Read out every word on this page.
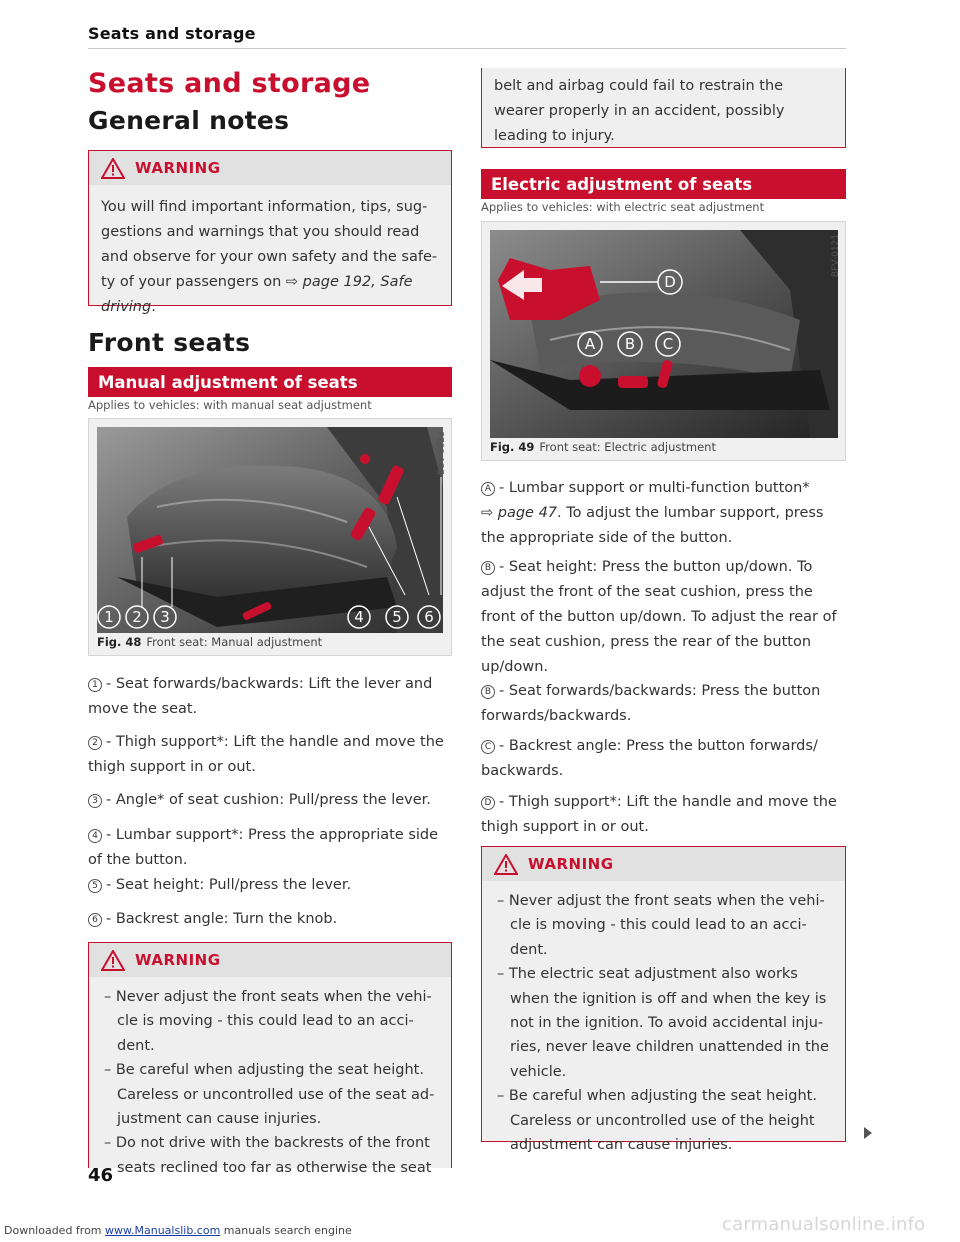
Seats and storage
Seats and storage
General notes
WARNING
You will find important information, tips, suggestions and warnings that you should read and observe for your own safety and the safety of your passengers on ⇨ page 192, Safe driving.
Front seats
Manual adjustment of seats
Applies to vehicles: with manual seat adjustment
1 2 3	4 5 6
B8V-0023
Fig. 48 Front seat: Manual adjustment
1 - Seat forwards/backwards: Lift the lever and move the seat.
2 - Thigh support*: Lift the handle and move the thigh support in or out.
3 - Angle* of seat cushion: Pull/press the lever.
4 - Lumbar support*: Press the appropriate side of the button.
5 - Seat height: Pull/press the lever.
6 - Backrest angle: Turn the knob.
WARNING
– Never adjust the front seats when the vehicle is moving - this could lead to an accident.
– Be careful when adjusting the seat height. Careless or uncontrolled use of the seat adjustment can cause injuries.
– Do not drive with the backrests of the front seats reclined too far as otherwise the seat
belt and airbag could fail to restrain the wearer properly in an accident, possibly leading to injury.
Electric adjustment of seats
Applies to vehicles: with electric seat adjustment
A B C
D
BFV-0121
Fig. 49 Front seat: Electric adjustment
A - Lumbar support or multi-function button*
⇨ page 47. To adjust the lumbar support, press the appropriate side of the button.
B - Seat height: Press the button up/down. To adjust the front of the seat cushion, press the front of the button up/down. To adjust the rear of the seat cushion, press the rear of the button up/down.
B - Seat forwards/backwards: Press the button forwards/backwards.
C - Backrest angle: Press the button forwards/ backwards.
D - Thigh support*: Lift the handle and move the thigh support in or out.
WARNING
– Never adjust the front seats when the vehicle is moving - this could lead to an accident.
– The electric seat adjustment also works when the ignition is off and when the key is not in the ignition. To avoid accidental injuries, never leave children unattended in the vehicle.
– Be careful when adjusting the seat height. Careless or uncontrolled use of the height adjustment can cause injuries.
46
Downloaded from www.Manualslib.com manuals search engine	carmanualsonline.info
